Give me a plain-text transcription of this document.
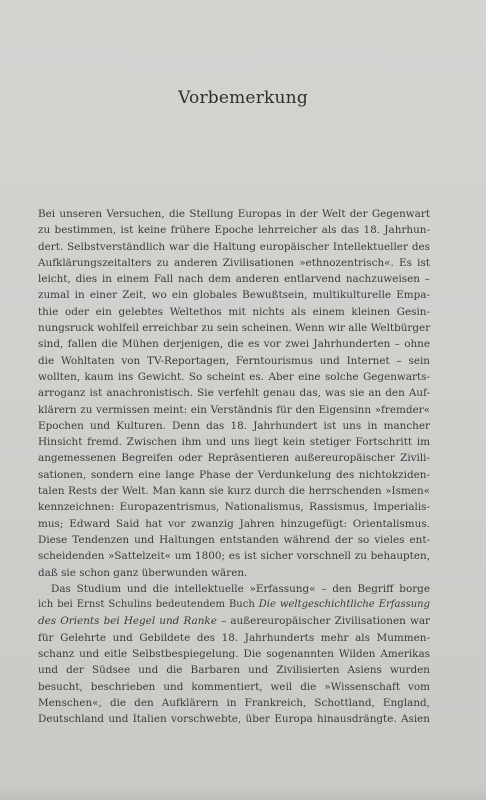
Vorbemerkung
Bei unseren Versuchen, die Stellung Europas in der Welt der Gegenwart
zu bestimmen, ist keine frühere Epoche lehrreicher als das 18. Jahrhun-
dert. Selbstverständlich war die Haltung europäischer Intellektueller des
Aufklärungszeitalters zu anderen Zivilisationen »ethnozentrisch«. Es ist
leicht, dies in einem Fall nach dem anderen entlarvend nachzuweisen –
zumal in einer Zeit, wo ein globales Bewußtsein, multikulturelle Empa-
thie oder ein gelebtes Weltethos mit nichts als einem kleinen Gesin-
nungsruck wohlfeil erreichbar zu sein scheinen. Wenn wir alle Weltbürger
sind, fallen die Mühen derjenigen, die es vor zwei Jahrhunderten – ohne
die Wohltaten von TV-Reportagen, Ferntourismus und Internet – sein
wollten, kaum ins Gewicht. So scheint es. Aber eine solche Gegenwarts-
arroganz ist anachronistisch. Sie verfehlt genau das, was sie an den Auf-
klärern zu vermissen meint: ein Verständnis für den Eigensinn »fremder«
Epochen und Kulturen. Denn das 18. Jahrhundert ist uns in mancher
Hinsicht fremd. Zwischen ihm und uns liegt kein stetiger Fortschritt im
angemessenen Begreifen oder Repräsentieren außereuropäischer Zivili-
sationen, sondern eine lange Phase der Verdunkelung des nichtokziden-
talen Rests der Welt. Man kann sie kurz durch die herrschenden »Ismen«
kennzeichnen: Europazentrismus, Nationalismus, Rassismus, Imperialis-
mus; Edward Said hat vor zwanzig Jahren hinzugefügt: Orientalismus.
Diese Tendenzen und Haltungen entstanden während der so vieles ent-
scheidenden »Sattelzeit« um 1800; es ist sicher vorschnell zu behaupten,
daß sie schon ganz überwunden wären.
Das Studium und die intellektuelle »Erfassung« – den Begriff borge
ich bei Ernst Schulins bedeutendem Buch Die weltgeschichtliche Erfassung
des Orients bei Hegel und Ranke – außereuropäischer Zivilisationen war
für Gelehrte und Gebildete des 18. Jahrhunderts mehr als Mummen-
schanz und eitle Selbstbespiegelung. Die sogenannten Wilden Amerikas
und der Südsee und die Barbaren und Zivilisierten Asiens wurden
besucht, beschrieben und kommentiert, weil die »Wissenschaft vom
Menschen«, die den Aufklärern in Frankreich, Schottland, England,
Deutschland und Italien vorschwebte, über Europa hinausdrängte. Asien
